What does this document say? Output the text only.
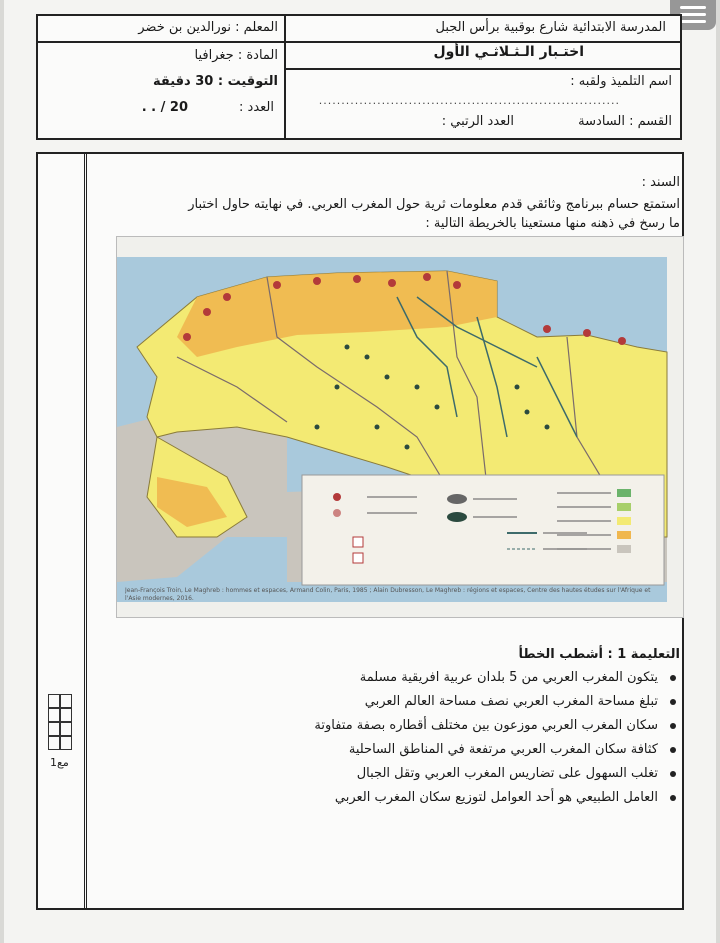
المدرسة الابتدائية شارع بوقبية برأس الجبل
اختـبار الـثـلاثـي الأول
اسم التلميذ ولقبه :
...................................................................
القسم : السادسة
العدد الرتبي :
المعلم : نورالدين بن خضر
المادة : جغرافيا
التوقيت : 30 دقيقة
العدد :
20 / . .
مع1
السند :
استمتع حسام ببرنامج وثائقي قدم معلومات ثرية حول المغرب العربي. في نهايته حاول اختبار
ما رسخ في ذهنه منها مستعينا بالخريطة التالية :
Jean-François Troin, Le Maghreb : hommes et espaces, Armand Colin, Paris, 1985 ; Alain Dubresson, Le Maghreb : régions et espaces, Centre des hautes études sur l'Afrique et l'Asie modernes, 2016.
التعليمة 1 : أشطب الخطأ
يتكون المغرب العربي من 5 بلدان عربية افريقية مسلمة
تبلغ مساحة المغرب العربي نصف مساحة العالم العربي
سكان المغرب العربي موزعون بين مختلف أقطاره بصفة متفاوتة
كثافة سكان المغرب العربي مرتفعة في المناطق الساحلية
تغلب السهول على تضاريس المغرب العربي وتقل الجبال
العامل الطبيعي هو أحد العوامل لتوزيع سكان المغرب العربي
